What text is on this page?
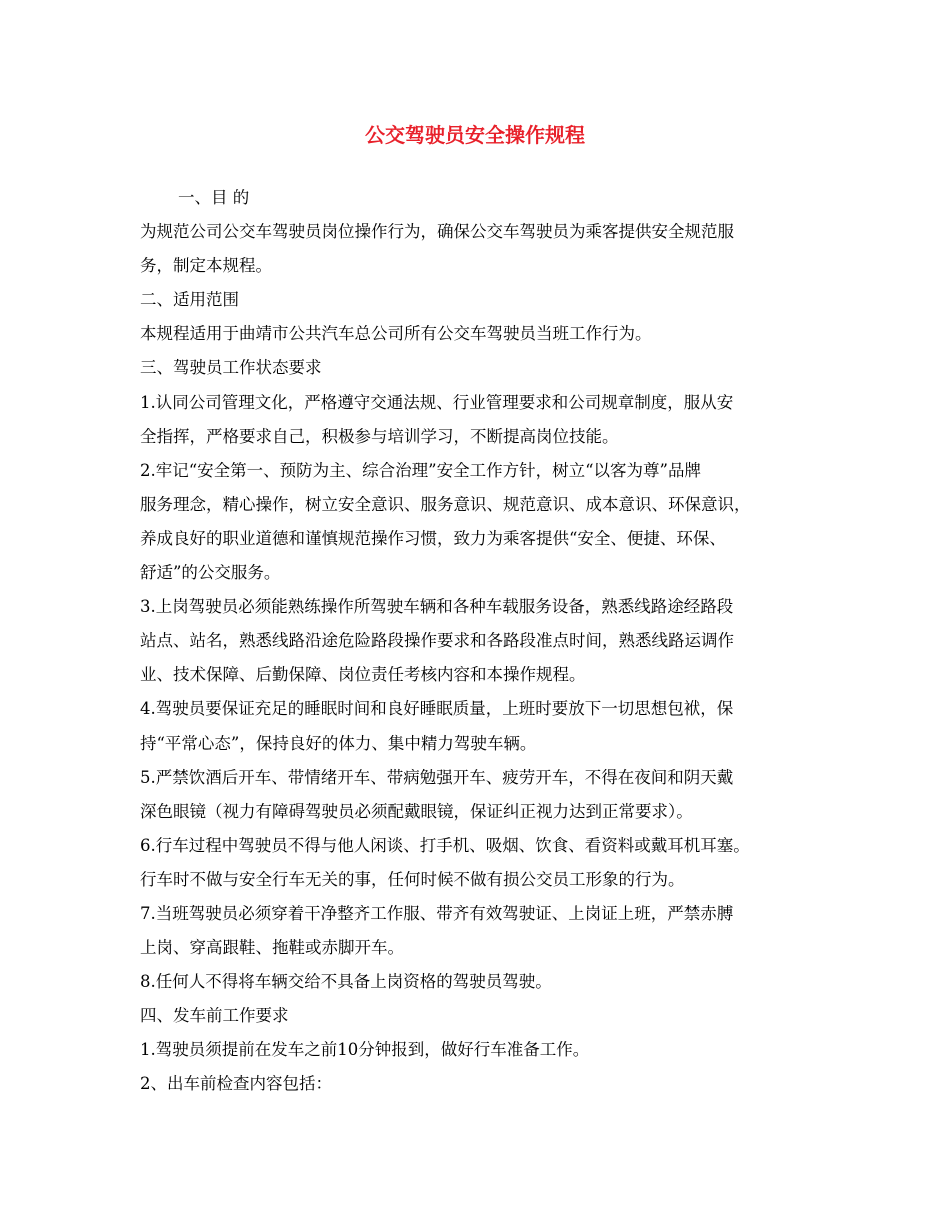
公交驾驶员安全操作规程
一、目 的
为规范公司公交车驾驶员岗位操作行为，确保公交车驾驶员为乘客提供安全规范服
务，制定本规程。
二、适用范围
本规程适用于曲靖市公共汽车总公司所有公交车驾驶员当班工作行为。
三、驾驶员工作状态要求
1.认同公司管理文化，严格遵守交通法规、行业管理要求和公司规章制度，服从安
全指挥，严格要求自己，积极参与培训学习，不断提高岗位技能。
2.牢记“安全第一、预防为主、综合治理”安全工作方针，树立“以客为尊”品牌
服务理念，精心操作，树立安全意识、服务意识、规范意识、成本意识、环保意识，
养成良好的职业道德和谨慎规范操作习惯，致力为乘客提供“安全、便捷、环保、
舒适”的公交服务。
3.上岗驾驶员必须能熟练操作所驾驶车辆和各种车载服务设备，熟悉线路途经路段
站点、站名，熟悉线路沿途危险路段操作要求和各路段准点时间，熟悉线路运调作
业、技术保障、后勤保障、岗位责任考核内容和本操作规程。
4.驾驶员要保证充足的睡眠时间和良好睡眠质量，上班时要放下一切思想包袱，保
持“平常心态”，保持良好的体力、集中精力驾驶车辆。
5.严禁饮酒后开车、带情绪开车、带病勉强开车、疲劳开车，不得在夜间和阴天戴
深色眼镜（视力有障碍驾驶员必须配戴眼镜，保证纠正视力达到正常要求）。
6.行车过程中驾驶员不得与他人闲谈、打手机、吸烟、饮食、看资料或戴耳机耳塞。
行车时不做与安全行车无关的事，任何时候不做有损公交员工形象的行为。
7.当班驾驶员必须穿着干净整齐工作服、带齐有效驾驶证、上岗证上班，严禁赤膊
上岗、穿高跟鞋、拖鞋或赤脚开车。
8.任何人不得将车辆交给不具备上岗资格的驾驶员驾驶。
四、发车前工作要求
1.驾驶员须提前在发车之前10分钟报到，做好行车准备工作。
2、出车前检查内容包括：
